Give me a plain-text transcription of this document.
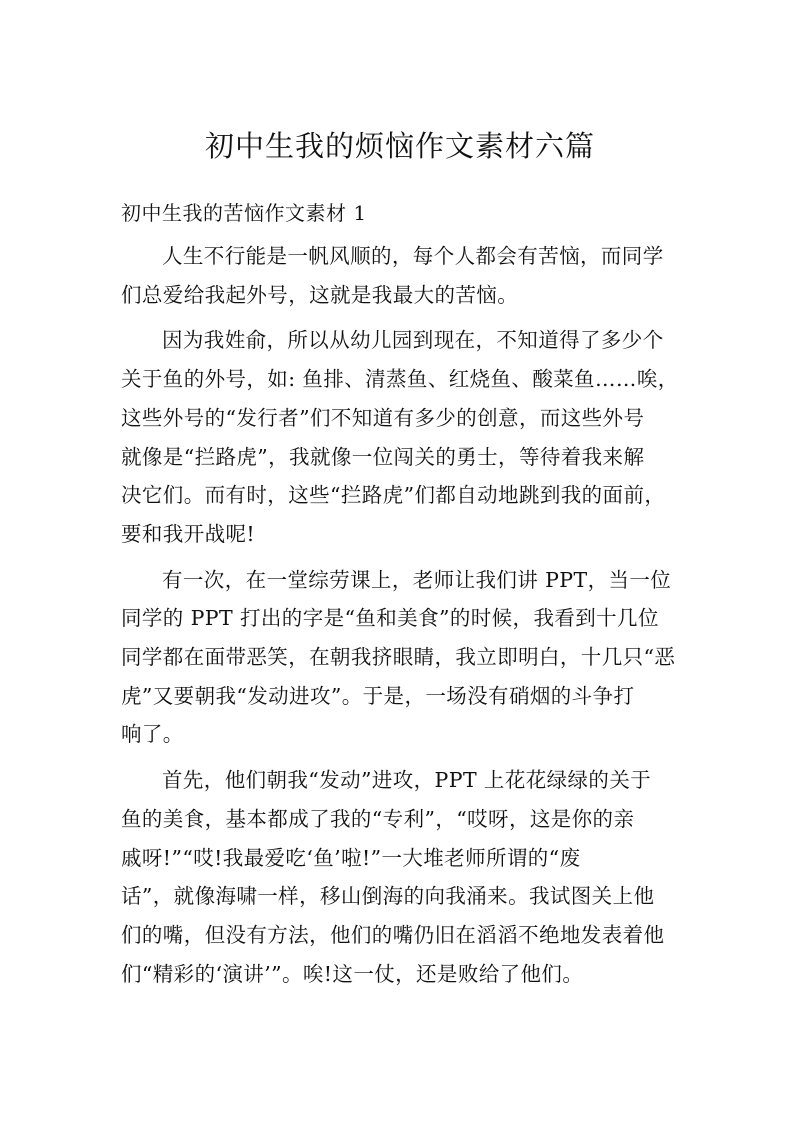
初中生我的烦恼作文素材六篇

初中生我的苦恼作文素材 1

人生不行能是一帆风顺的，每个人都会有苦恼，而同学
们总爱给我起外号，这就是我最大的苦恼。

因为我姓俞，所以从幼儿园到现在，不知道得了多少个
关于鱼的外号，如: 鱼排、清蒸鱼、红烧鱼、酸菜鱼……唉，
这些外号的“发行者”们不知道有多少的创意，而这些外号
就像是“拦路虎”，我就像一位闯关的勇士，等待着我来解
决它们。而有时，这些“拦路虎”们都自动地跳到我的面前，
要和我开战呢!

有一次，在一堂综劳课上，老师让我们讲 PPT，当一位
同学的 PPT 打出的字是“鱼和美食”的时候，我看到十几位
同学都在面带恶笑，在朝我挤眼睛，我立即明白，十几只“恶
虎”又要朝我“发动进攻”。于是，一场没有硝烟的斗争打
响了。

首先，他们朝我“发动”进攻，PPT 上花花绿绿的关于
鱼的美食，基本都成了我的“专利”，“哎呀，这是你的亲
戚呀!”“哎!我最爱吃‘鱼’啦!”一大堆老师所谓的“废
话”，就像海啸一样，移山倒海的向我涌来。我试图关上他
们的嘴，但没有方法，他们的嘴仍旧在滔滔不绝地发表着他
们“精彩的‘演讲’”。唉!这一仗，还是败给了他们。
